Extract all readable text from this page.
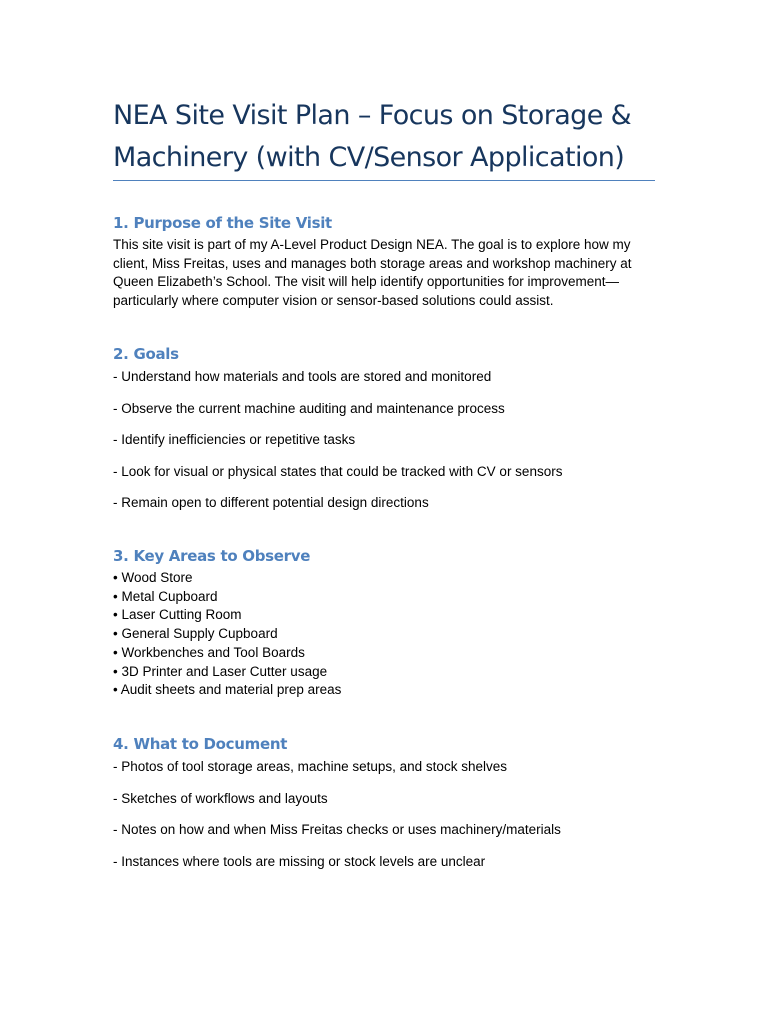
NEA Site Visit Plan – Focus on Storage & Machinery (with CV/Sensor Application)
1. Purpose of the Site Visit

This site visit is part of my A-Level Product Design NEA. The goal is to explore how my client, Miss Freitas, uses and manages both storage areas and workshop machinery at Queen Elizabeth’s School. The visit will help identify opportunities for improvement—particularly where computer vision or sensor-based solutions could assist.

2. Goals
- Understand how materials and tools are stored and monitored
- Observe the current machine auditing and maintenance process
- Identify inefficiencies or repetitive tasks
- Look for visual or physical states that could be tracked with CV or sensors
- Remain open to different potential design directions
3. Key Areas to Observe
• Wood Store
• Metal Cupboard
• Laser Cutting Room
• General Supply Cupboard
• Workbenches and Tool Boards
• 3D Printer and Laser Cutter usage
• Audit sheets and material prep areas
4. What to Document
- Photos of tool storage areas, machine setups, and stock shelves
- Sketches of workflows and layouts
- Notes on how and when Miss Freitas checks or uses machinery/materials
- Instances where tools are missing or stock levels are unclear
